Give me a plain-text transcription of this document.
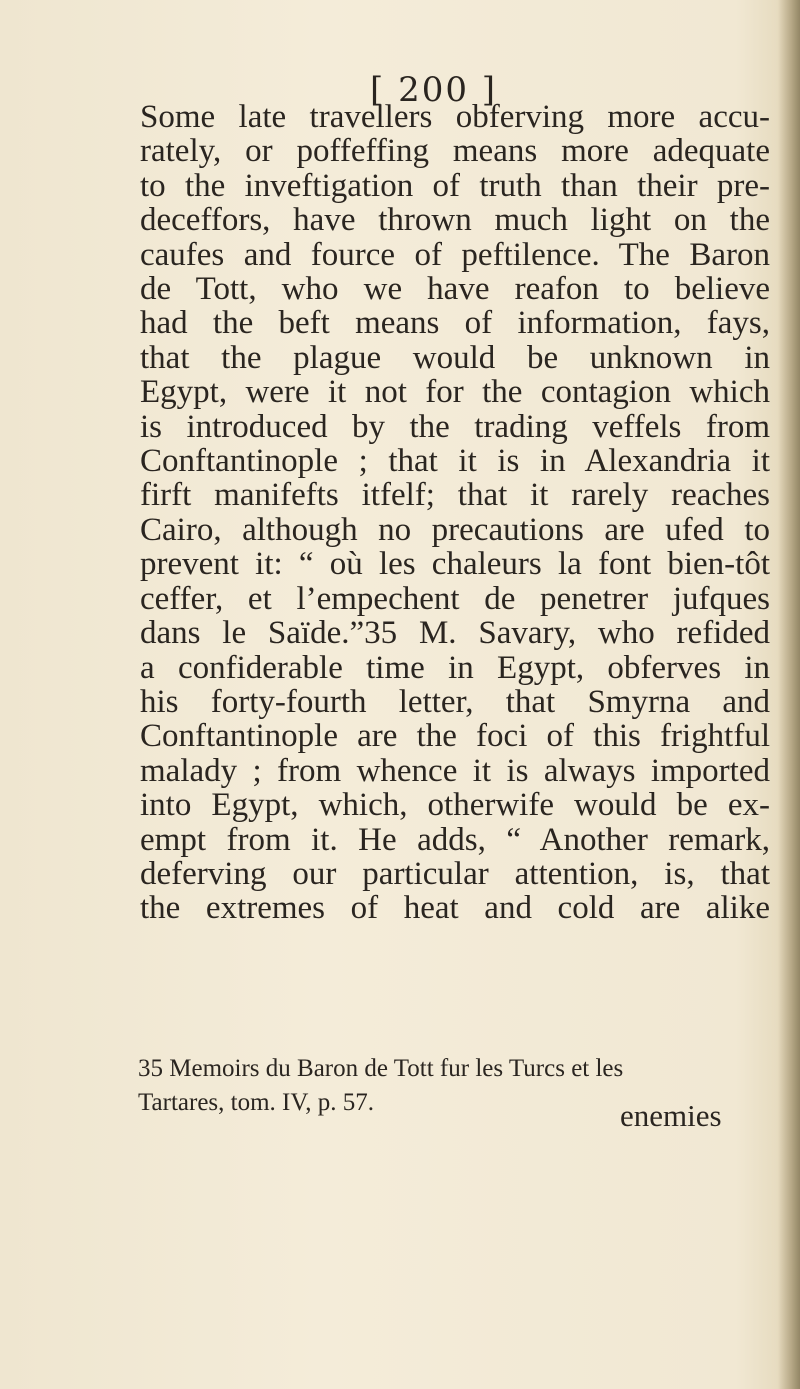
[ 200 ]
Some late travellers obferving more accu-
rately, or poffeffing means more adequate
to the inveftigation of truth than their pre-
deceffors, have thrown much light on the
caufes and fource of peftilence. The Baron
de Tott, who we have reafon to believe
had the beft means of information, fays,
that the plague would be unknown in
Egypt, were it not for the contagion which
is introduced by the trading veffels from
Conftantinople ; that it is in Alexandria it
firft manifefts itfelf; that it rarely reaches
Cairo, although no precautions are ufed to
prevent it: “ où les chaleurs la font bien-tôt
ceffer, et l’empechent de penetrer jufques
dans le Saïde.”35 M. Savary, who refided
a confiderable time in Egypt, obferves in
his forty-fourth letter, that Smyrna and
Conftantinople are the foci of this frightful
malady ; from whence it is always imported
into Egypt, which, otherwife would be ex-
empt from it. He adds, “ Another remark,
deferving our particular attention, is, that
the extremes of heat and cold are alike
35 Memoirs du Baron de Tott fur les Turcs et les
Tartares, tom. IV, p. 57.	enemies
